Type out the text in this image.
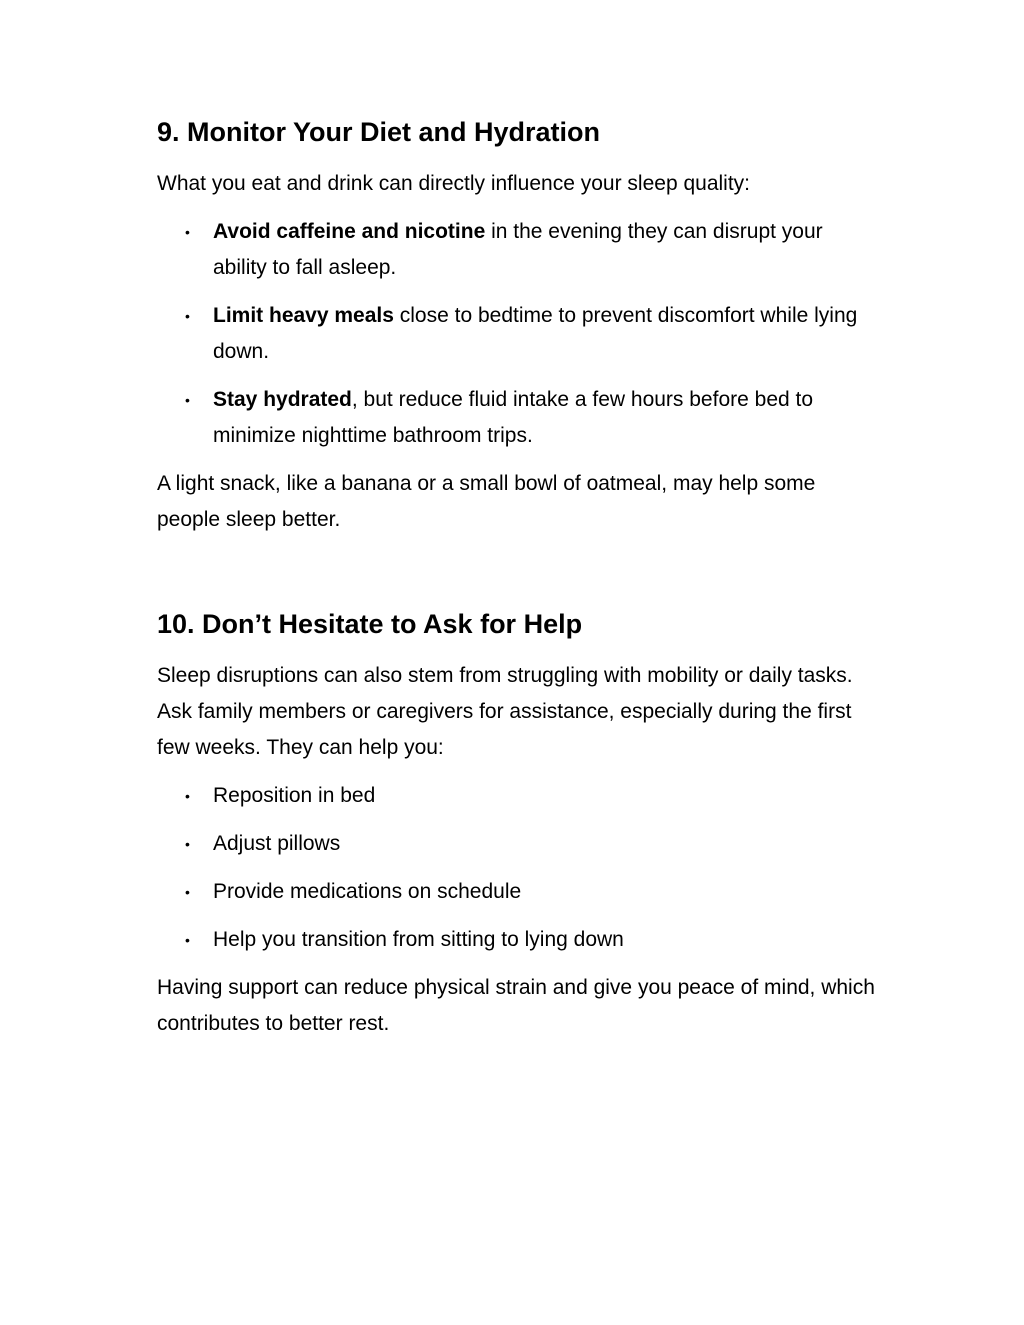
9. Monitor Your Diet and Hydration

What you eat and drink can directly influence your sleep quality:

• Avoid caffeine and nicotine in the evening they can disrupt your ability to fall asleep.
• Limit heavy meals close to bedtime to prevent discomfort while lying down.
• Stay hydrated, but reduce fluid intake a few hours before bed to minimize nighttime bathroom trips.

A light snack, like a banana or a small bowl of oatmeal, may help some people sleep better.

10. Don’t Hesitate to Ask for Help

Sleep disruptions can also stem from struggling with mobility or daily tasks. Ask family members or caregivers for assistance, especially during the first few weeks. They can help you:

• Reposition in bed
• Adjust pillows
• Provide medications on schedule
• Help you transition from sitting to lying down

Having support can reduce physical strain and give you peace of mind, which contributes to better rest.
